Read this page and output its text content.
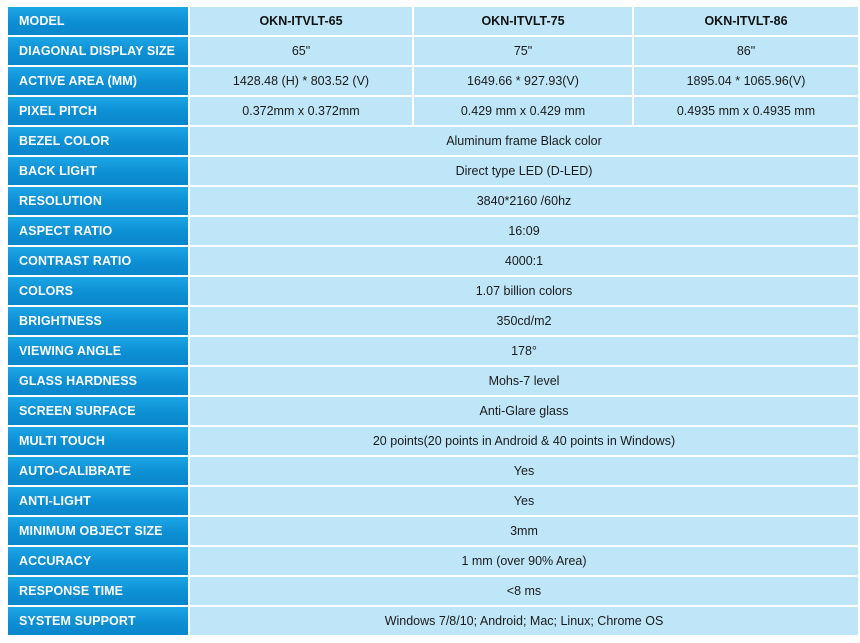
MODEL	OKN-ITVLT-65	OKN-ITVLT-75	OKN-ITVLT-86
DIAGONAL DISPLAY SIZE	65"	75"	86"
ACTIVE AREA (MM)	1428.48 (H) * 803.52 (V)	1649.66 * 927.93(V)	1895.04 * 1065.96(V)
PIXEL PITCH	0.372mm x 0.372mm	0.429 mm x 0.429 mm	0.4935 mm x 0.4935 mm
BEZEL COLOR	Aluminum frame Black color		
BACK LIGHT	Direct type LED (D-LED)		
RESOLUTION	3840*2160 /60hz		
ASPECT RATIO	16:09		
CONTRAST RATIO	4000:1		
COLORS	1.07 billion colors		
BRIGHTNESS	350cd/m2		
VIEWING ANGLE	178°		
GLASS HARDNESS	Mohs-7 level		
SCREEN SURFACE	Anti-Glare glass		
MULTI TOUCH	20 points(20 points in Android & 40 points in Windows)		
AUTO-CALIBRATE	Yes		
ANTI-LIGHT	Yes		
MINIMUM OBJECT SIZE	3mm		
ACCURACY	1 mm (over 90% Area)		
RESPONSE TIME	<8 ms		
SYSTEM SUPPORT	Windows 7/8/10; Android; Mac; Linux; Chrome OS		
